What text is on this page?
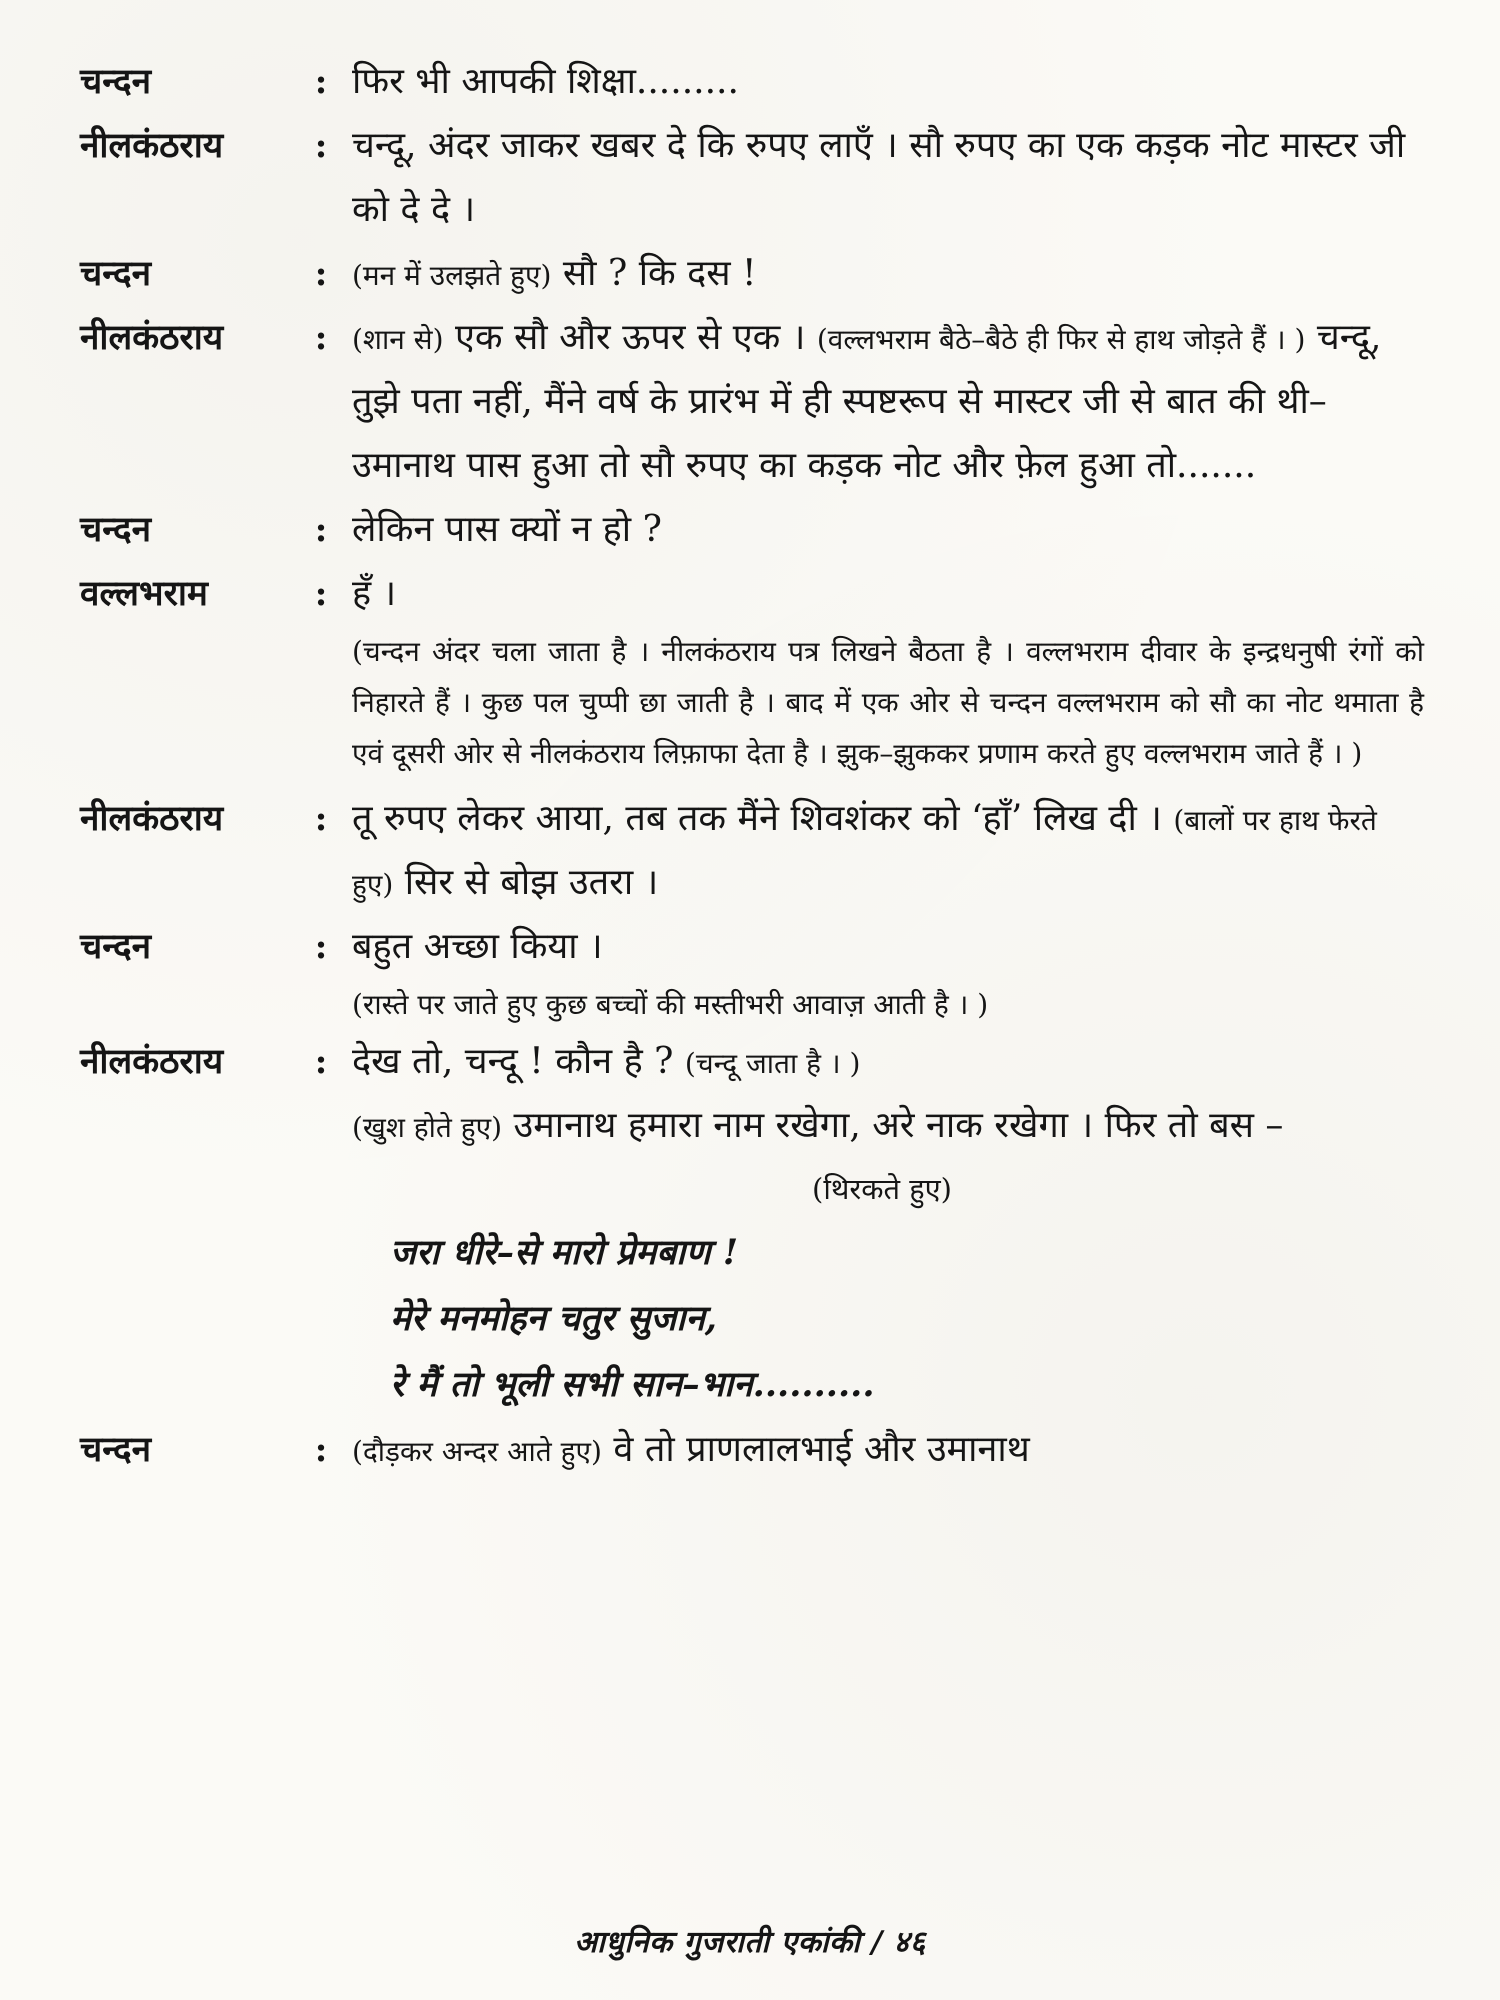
चन्दन	: फिर भी आपकी शिक्षा.........
नीलकंठराय	: चन्दू, अंदर जाकर खबर दे कि रुपए लाएँ । सौ रुपए का एक कड़क नोट मास्टर जी को दे दे ।
चन्दन	: (मन में उलझते हुए) सौ ? कि दस !
नीलकंठराय	: (शान से) एक सौ और ऊपर से एक । (वल्लभराम बैठे–बैठे ही फिर से हाथ जोड़ते हैं । ) चन्दू, तुझे पता नहीं, मैंने वर्ष के प्रारंभ में ही स्पष्टरूप से मास्टर जी से बात की थी–उमानाथ पास हुआ तो सौ रुपए का कड़क नोट और फ़ेल हुआ तो.......
चन्दन	: लेकिन पास क्यों न हो ?
वल्लभराम	: हँ ।
(चन्दन अंदर चला जाता है । नीलकंठराय पत्र लिखने बैठता है । वल्लभराम दीवार के इन्द्रधनुषी रंगों को निहारते हैं । कुछ पल चुप्पी छा जाती है । बाद में एक ओर से चन्दन वल्लभराम को सौ का नोट थमाता है एवं दूसरी ओर से नीलकंठराय लिफ़ाफा देता है । झुक–झुककर प्रणाम करते हुए वल्लभराम जाते हैं । )
नीलकंठराय	: तू रुपए लेकर आया, तब तक मैंने शिवशंकर को ‘हाँ’ लिख दी । (बालों पर हाथ फेरते हुए) सिर से बोझ उतरा ।
चन्दन	: बहुत अच्छा किया ।
(रास्ते पर जाते हुए कुछ बच्चों की मस्तीभरी आवाज़ आती है । )
नीलकंठराय	: देख तो, चन्दू ! कौन है ? (चन्दू जाता है । )
(खुश होते हुए) उमानाथ हमारा नाम रखेगा, अरे नाक रखेगा । फिर तो बस –
(थिरकते हुए)
जरा धीरे–से मारो प्रेमबाण !
मेरे मनमोहन चतुर सुजान,
रे मैं तो भूली सभी सान–भान..........
चन्दन	: (दौड़कर अन्दर आते हुए) वे तो प्राणलालभाई और उमानाथ
आधुनिक गुजराती एकांकी / ४६
